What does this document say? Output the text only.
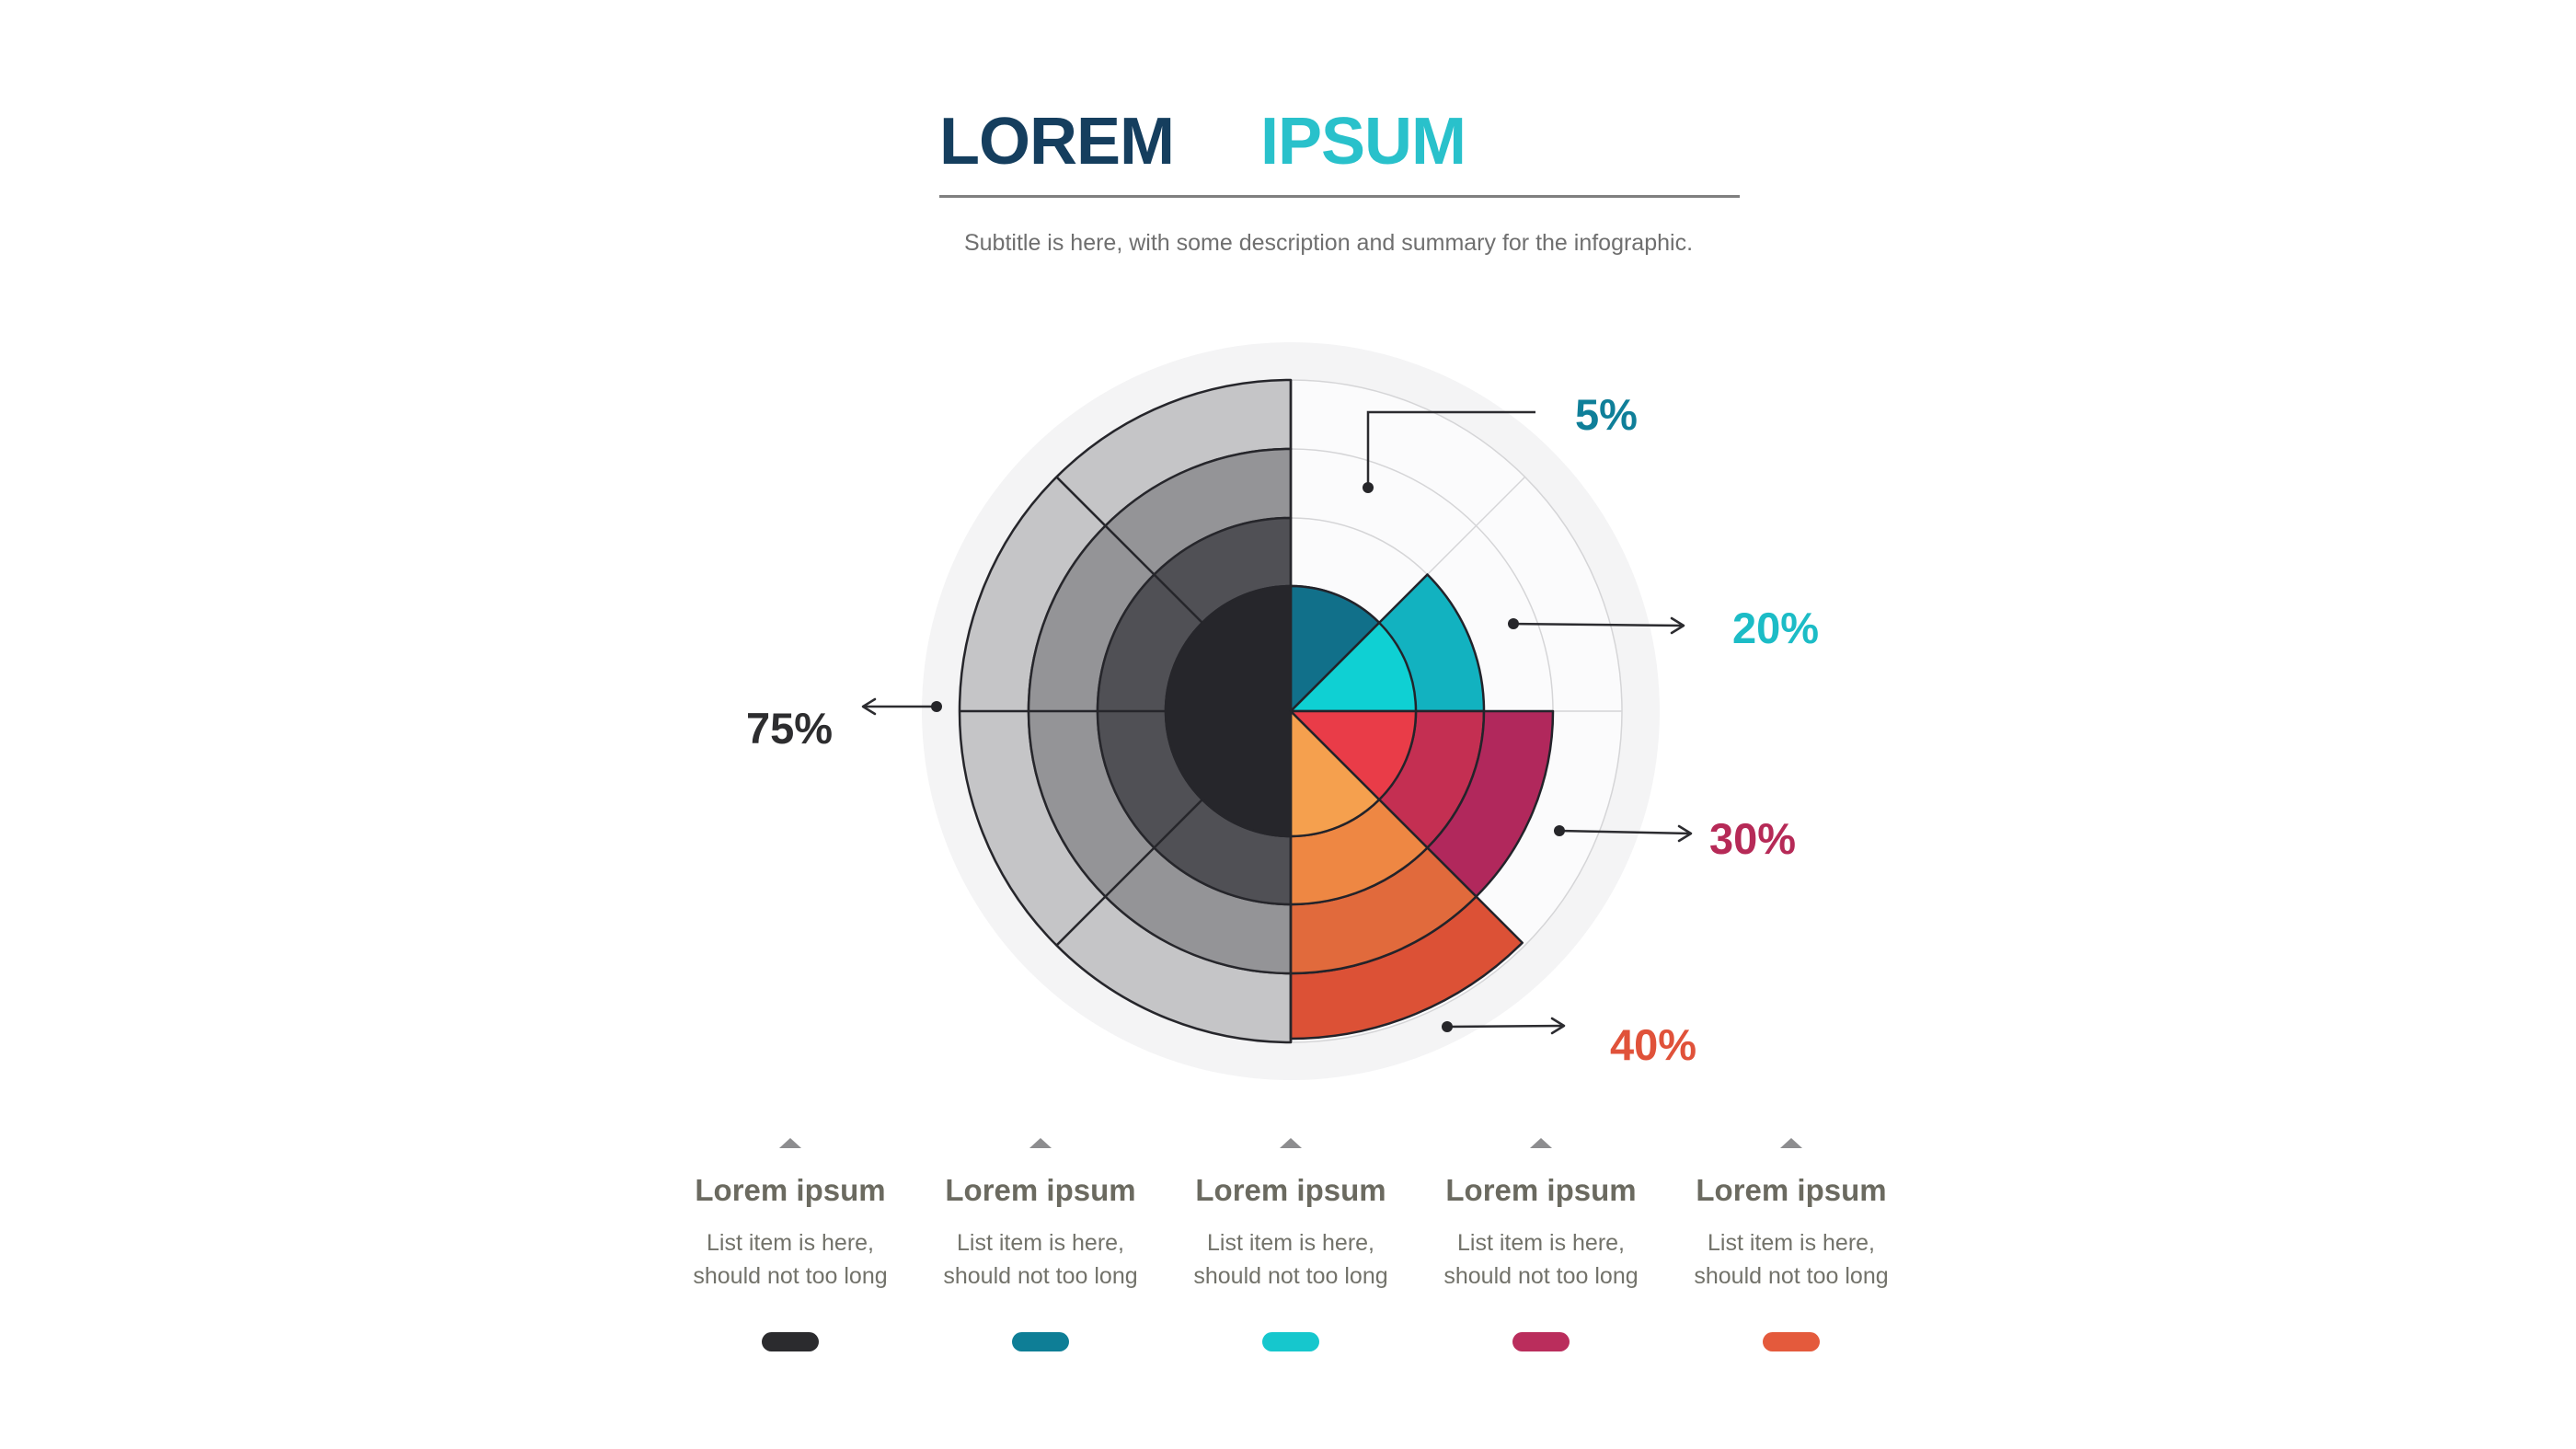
LOREM IPSUM

Subtitle is here, with some description and summary for the infographic.

75%
5%
20%
30%
40%
Lorem ipsum
List item is here,
should not too long
Lorem ipsum
List item is here,
should not too long
Lorem ipsum
List item is here,
should not too long
Lorem ipsum
List item is here,
should not too long
Lorem ipsum
List item is here,
should not too long
